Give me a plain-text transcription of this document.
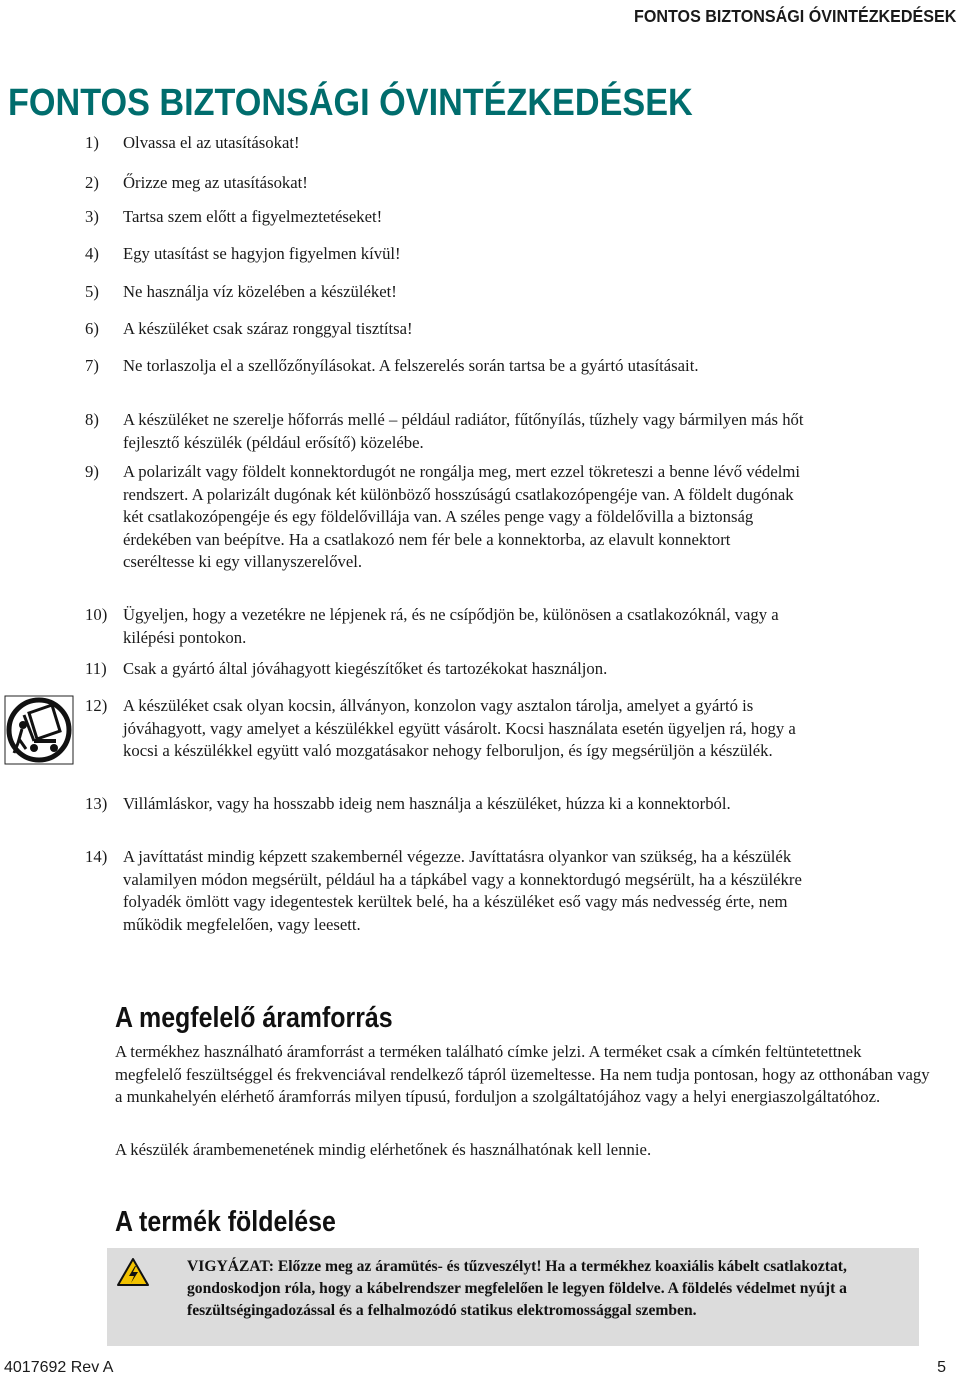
FONTOS BIZTONSÁGI ÓVINTÉZKEDÉSEK
FONTOS BIZTONSÁGI ÓVINTÉZKEDÉSEK
1) Olvassa el az utasításokat!
2) Őrizze meg az utasításokat!
3) Tartsa szem előtt a figyelmeztetéseket!
4) Egy utasítást se hagyjon figyelmen kívül!
5) Ne használja víz közelében a készüléket!
6) A készüléket csak száraz ronggyal tisztítsa!
7) Ne torlaszolja el a szellőzőnyílásokat. A felszerelés során tartsa be a gyártó utasításait.
8) A készüléket ne szerelje hőforrás mellé – például radiátor, fűtőnyílás, tűzhely vagy bármilyen más hőt fejlesztő készülék (például erősítő) közelébe.
9) A polarizált vagy földelt konnektordugót ne rongálja meg, mert ezzel tökreteszi a benne lévő védelmi rendszert. A polarizált dugónak két különböző hosszúságú csatlakozópengéje van. A földelt dugónak két csatlakozópengéje és egy földelővillája van. A széles penge vagy a földelővilla a biztonság érdekében van beépítve. Ha a csatlakozó nem fér bele a konnektorba, az elavult konnektort cseréltesse ki egy villanyszerelővel.
10) Ügyeljen, hogy a vezetékre ne lépjenek rá, és ne csípődjön be, különösen a csatlakozóknál, vagy a kilépési pontokon.
11) Csak a gyártó által jóváhagyott kiegészítőket és tartozékokat használjon.
12) A készüléket csak olyan kocsin, állványon, konzolon vagy asztalon tárolja, amelyet a gyártó is jóváhagyott, vagy amelyet a készülékkel együtt vásárolt. Kocsi használata esetén ügyeljen rá, hogy a kocsi a készülékkel együtt való mozgatásakor nehogy felboruljon, és így megsérüljön a készülék.
13) Villámláskor, vagy ha hosszabb ideig nem használja a készüléket, húzza ki a konnektorból.
14) A javíttatást mindig képzett szakembernél végezze. Javíttatásra olyankor van szükség, ha a készülék valamilyen módon megsérült, például ha a tápkábel vagy a konnektordugó megsérült, ha a készülékre folyadék ömlött vagy idegentestek kerültek belé, ha a készüléket eső vagy más nedvesség érte, nem működik megfelelően, vagy leesett.
A megfelelő áramforrás

A termékhez használható áramforrást a terméken található címke jelzi. A terméket csak a címkén feltüntetettnek megfelelő feszültséggel és frekvenciával rendelkező tápról üzemeltesse. Ha nem tudja pontosan, hogy az otthonában vagy a munkahelyén elérhető áramforrás milyen típusú, forduljon a szolgáltatójához vagy a helyi energiaszolgáltatóhoz.

A készülék árambemenetének mindig elérhetőnek és használhatónak kell lennie.

A termék földelése
VIGYÁZAT: Előzze meg az áramütés- és tűzveszélyt! Ha a termékhez koaxiális kábelt csatlakoztat, gondoskodjon róla, hogy a kábelrendszer megfelelően le legyen földelve. A földelés védelmet nyújt a feszültségingadozással és a felhalmozódó statikus elektromossággal szemben.
4017692 Rev A	5
